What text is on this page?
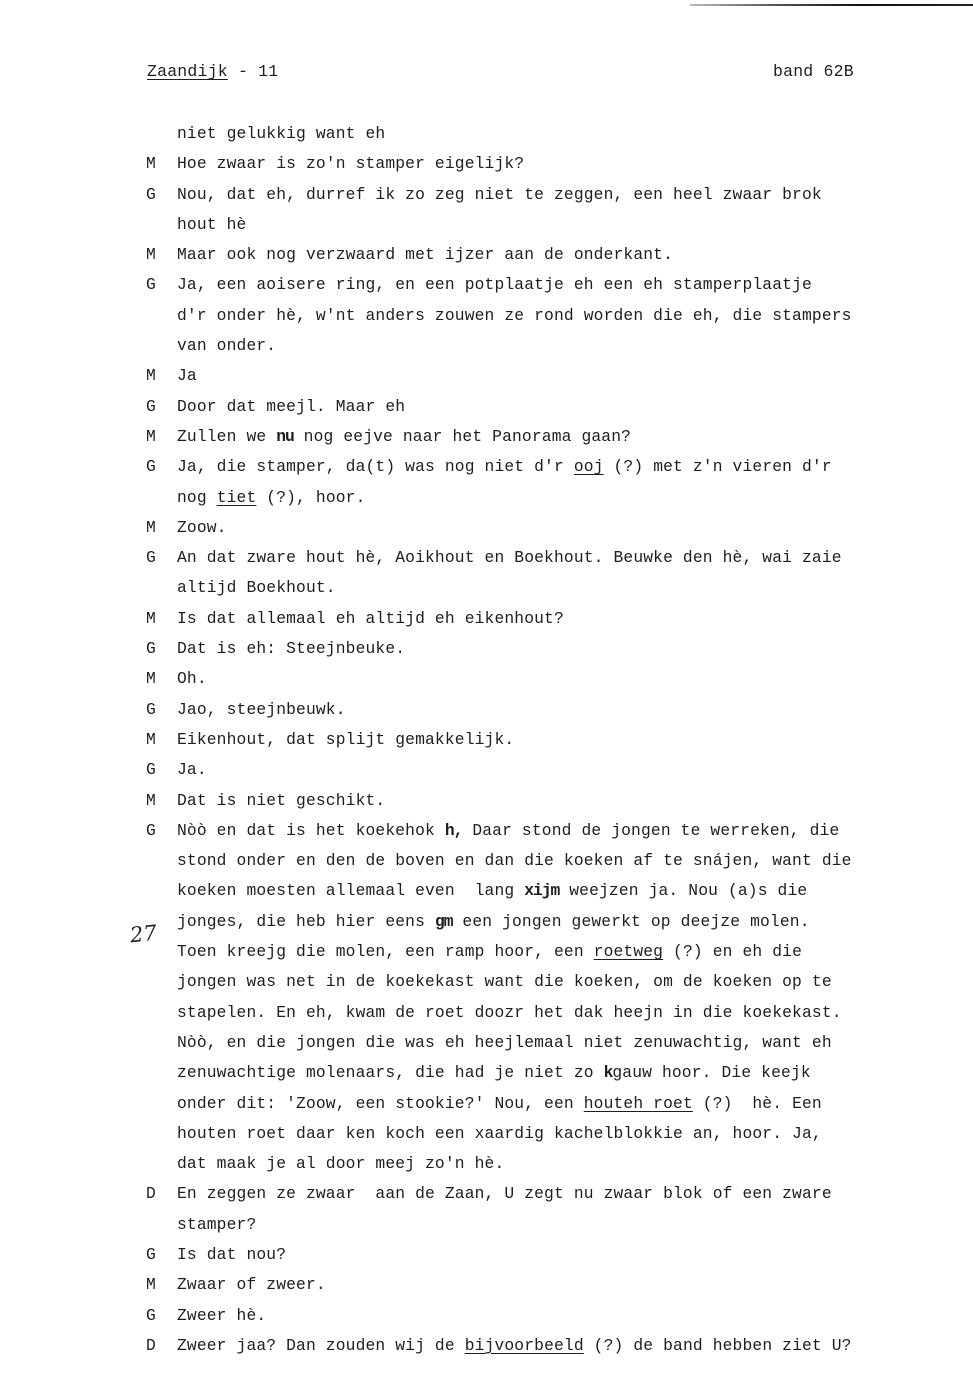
Zaandijk - 11	band 62B
27
niet gelukkig want eh
M	Hoe zwaar is zo'n stamper eigelijk?
G	Nou, dat eh, durref ik zo zeg niet te zeggen, een heel zwaar brok
hout hè
M	Maar ook nog verzwaard met ijzer aan de onderkant.
G	Ja, een aoisere ring, en een potplaatje eh een eh stamperplaatje
d'r onder hè, w'nt anders zouwen ze rond worden die eh, die stampers
van onder.
M	Ja
G	Door dat meejl. Maar eh
M	Zullen we nu nog eejve naar het Panorama gaan?
G	Ja, die stamper, da(t) was nog niet d'r ooj (?) met z'n vieren d'r
nog tiet (?), hoor.
M	Zoow.
G	An dat zware hout hè, Aoikhout en Boekhout. Beuwke den hè, wai zaie
altijd Boekhout.
M	Is dat allemaal eh altijd eh eikenhout?
G	Dat is eh: Steejnbeuke.
M	Oh.
G	Jao, steejnbeuwk.
M	Eikenhout, dat splijt gemakkelijk.
G	Ja.
M	Dat is niet geschikt.
G	Nòò en dat is het koekehok h, Daar stond de jongen te werreken, die
stond onder en den de boven en dan die koeken af te snájen, want die
koeken moesten allemaal even  lang xijm weejzen ja. Nou (a)s die
jonges, die heb hier eens gm een jongen gewerkt op deejze molen.
Toen kreejg die molen, een ramp hoor, een roetweg (?) en eh die
jongen was net in de koekekast want die koeken, om de koeken op te
stapelen. En eh, kwam de roet doozr het dak heejn in die koekekast.
Nòò, en die jongen die was eh heejlemaal niet zenuwachtig, want eh
zenuwachtige molenaars, die had je niet zo kgauw hoor. Die keejk
onder dit: 'Zoow, een stookie?' Nou, een houteh roet (?)  hè. Een
houten roet daar ken koch een xaardig kachelblokkie an, hoor. Ja,
dat maak je al door meej zo'n hè.
D	En zeggen ze zwaar  aan de Zaan, U zegt nu zwaar blok of een zware
stamper?
G	Is dat nou?
M	Zwaar of zweer.
G	Zweer hè.
D	Zweer jaa? Dan zouden wij de bijvoorbeeld (?) de band hebben ziet U?
